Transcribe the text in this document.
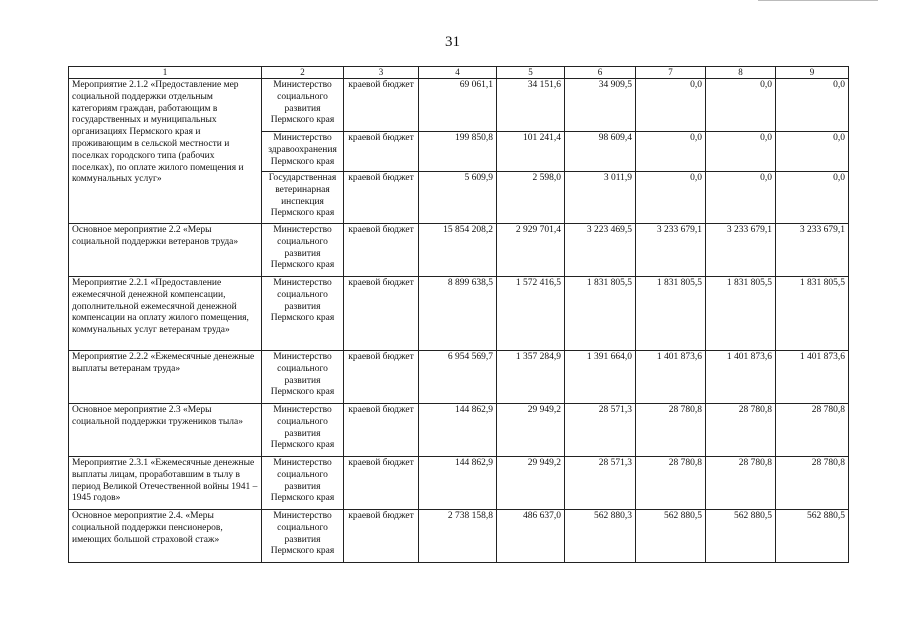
31
1	2	3	4	5	6	7	8	9
Мероприятие 2.1.2 «Предоставление мер социальной поддержки отдельным категориям граждан, работающим в государственных и муниципальных организациях Пермского края и проживающим в сельской местности и поселках городского типа (рабочих поселках), по оплате жилого помещения и коммунальных услуг»	Министерство социального развития Пермского края	краевой бюджет	69 061,1	34 151,6	34 909,5	0,0	0,0	0,0
	Министерство здравоохранения Пермского края	краевой бюджет	199 850,8	101 241,4	98 609,4	0,0	0,0	0,0
	Государственная ветеринарная инспекция Пермского края	краевой бюджет	5 609,9	2 598,0	3 011,9	0,0	0,0	0,0
Основное мероприятие 2.2 «Меры социальной поддержки ветеранов труда»	Министерство социального развития Пермского края	краевой бюджет	15 854 208,2	2 929 701,4	3 223 469,5	3 233 679,1	3 233 679,1	3 233 679,1
Мероприятие 2.2.1 «Предоставление ежемесячной денежной компенсации, дополнительной ежемесячной денежной компенсации на оплату жилого помещения, коммунальных услуг ветеранам труда»	Министерство социального развития Пермского края	краевой бюджет	8 899 638,5	1 572 416,5	1 831 805,5	1 831 805,5	1 831 805,5	1 831 805,5
Мероприятие 2.2.2 «Ежемесячные денежные выплаты ветеранам труда»	Министерство социального развития Пермского края	краевой бюджет	6 954 569,7	1 357 284,9	1 391 664,0	1 401 873,6	1 401 873,6	1 401 873,6
Основное мероприятие 2.3 «Меры социальной поддержки тружеников тыла»	Министерство социального развития Пермского края	краевой бюджет	144 862,9	29 949,2	28 571,3	28 780,8	28 780,8	28 780,8
Мероприятие 2.3.1 «Ежемесячные денежные выплаты лицам, проработавшим в тылу в период Великой Отечественной войны 1941 – 1945 годов»	Министерство социального развития Пермского края	краевой бюджет	144 862,9	29 949,2	28 571,3	28 780,8	28 780,8	28 780,8
Основное мероприятие 2.4. «Меры социальной поддержки пенсионеров, имеющих большой страховой стаж»	Министерство социального развития Пермского края	краевой бюджет	2 738 158,8	486 637,0	562 880,3	562 880,5	562 880,5	562 880,5
